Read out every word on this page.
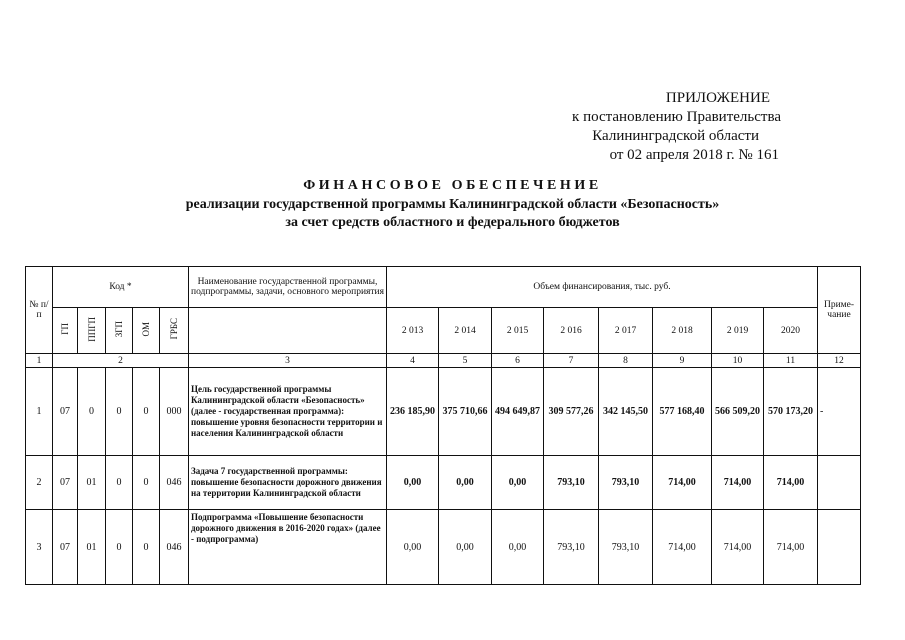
ПРИЛОЖЕНИЕ
к постановлению Правительства
Калининградской области
от 02 апреля 2018 г. № 161
ФИНАНСОВОЕ ОБЕСПЕЧЕНИЕ
реализации государственной программы Калининградской области «Безопасность»
за счет средств областного и федерального бюджетов
№ п/п	Код *					Наименование государственной программы, подпрограммы, задачи, основного мероприятия	Объем финансирования, тыс. руб.								Приме-чание
	ГП	ППГП	ЗГП	ОМ	ГРБС		2 013	2 014	2 015	2 016	2 017	2 018	2 019	2020	
1	2					3	4	5	6	7	8	9	10	11	12
1	07	0	0	0	000	Цель государственной программы Калининградской области «Безопасность» (далее - государственная программа): повышение уровня безопасности территории и населения Калининградской области	236 185,90	375 710,66	494 649,87	309 577,26	342 145,50	577 168,40	566 509,20	570 173,20	-
2	07	01	0	0	046	Задача 7 государственной программы: повышение безопасности дорожного движения на территории Калининградской области	0,00	0,00	0,00	793,10	793,10	714,00	714,00	714,00	
3	07	01	0	0	046	Подпрограмма «Повышение безопасности дорожного движения в 2016-2020 годах» (далее - подпрограмма)	0,00	0,00	0,00	793,10	793,10	714,00	714,00	714,00	
